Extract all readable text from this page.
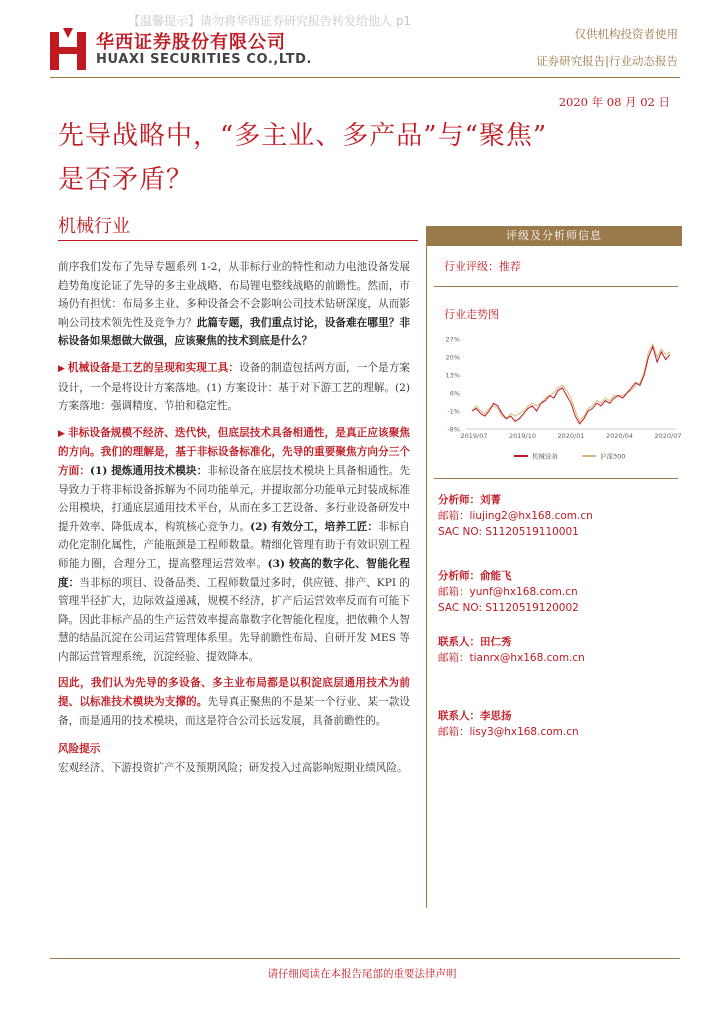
【温馨提示】请勿将华西证券研究报告转发给他人 p1
华西证券股份有限公司
HUAXI SECURITIES CO.,LTD.
仅供机构投资者使用
证券研究报告|行业动态报告
2020 年 08 月 02 日
先导战略中，“多主业、多产品”与“聚焦”
是否矛盾？
机械行业

前序我们发布了先导专题系列 1-2，从非标行业的特性和动力电池设备发展趋势角度论证了先导的多主业战略、布局锂电整线战略的前瞻性。然而，市场仍有担忧：布局多主业、多种设备会不会影响公司技术钻研深度，从而影响公司技术领先性及竞争力？此篇专题，我们重点讨论，设备难在哪里？非标设备如果想做大做强，应该聚焦的技术到底是什么？

▶ 机械设备是工艺的呈现和实现工具：设备的制造包括两方面，一个是方案设计，一个是将设计方案落地。(1) 方案设计：基于对下游工艺的理解。(2) 方案落地：强调精度、节拍和稳定性。

▶ 非标设备规模不经济、迭代快，但底层技术具备相通性，是真正应该聚焦的方向。我们的理解是，基于非标设备标准化，先导的重要聚焦方向分三个方面：(1) 提炼通用技术模块：非标设备在底层技术模块上具备相通性。先导致力于将非标设备拆解为不同功能单元，并提取部分功能单元封装成标准公用模块，打通底层通用技术平台，从而在多工艺设备、多行业设备研发中提升效率、降低成本，构筑核心竞争力。(2) 有效分工，培养工匠：非标自动化定制化属性，产能瓶颈是工程师数量。精细化管理有助于有效识别工程师能力圈，合理分工，提高整理运营效率。(3) 较高的数字化、智能化程度：当非标的项目、设备品类、工程师数量过多时，供应链、排产、KPI 的管理半径扩大，边际效益递减，规模不经济，扩产后运营效率反而有可能下降。因此非标产品的生产运营效率提高靠数字化智能化程度，把依赖个人智慧的结晶沉淀在公司运营管理体系里。先导前瞻性布局、自研开发 MES 等内部运营管理系统，沉淀经验、提效降本。

因此，我们认为先导的多设备、多主业布局都是以积淀底层通用技术为前提、以标准技术模块为支撑的。先导真正聚焦的不是某一个行业、某一款设备，而是通用的技术模块，而这是符合公司长远发展，具备前瞻性的。

风险提示
宏观经济、下游投资扩产不及预期风险；研发投入过高影响短期业绩风险。
评级及分析师信息
行业评级：推荐
行业走势图
27%
20%
13%
6%
-1%
-8%
2019/07	2019/10	2020/01	2020/04	2020/07
机械设备	沪深300
分析师：刘菁
邮箱：liujing2@hx168.com.cn
SAC NO: S1120519110001
分析师：俞能飞
邮箱：yunf@hx168.com.cn
SAC NO: S1120519120002
联系人：田仁秀
邮箱：tianrx@hx168.com.cn
联系人：李思扬
邮箱：lisy3@hx168.com.cn
请仔细阅读在本报告尾部的重要法律声明
